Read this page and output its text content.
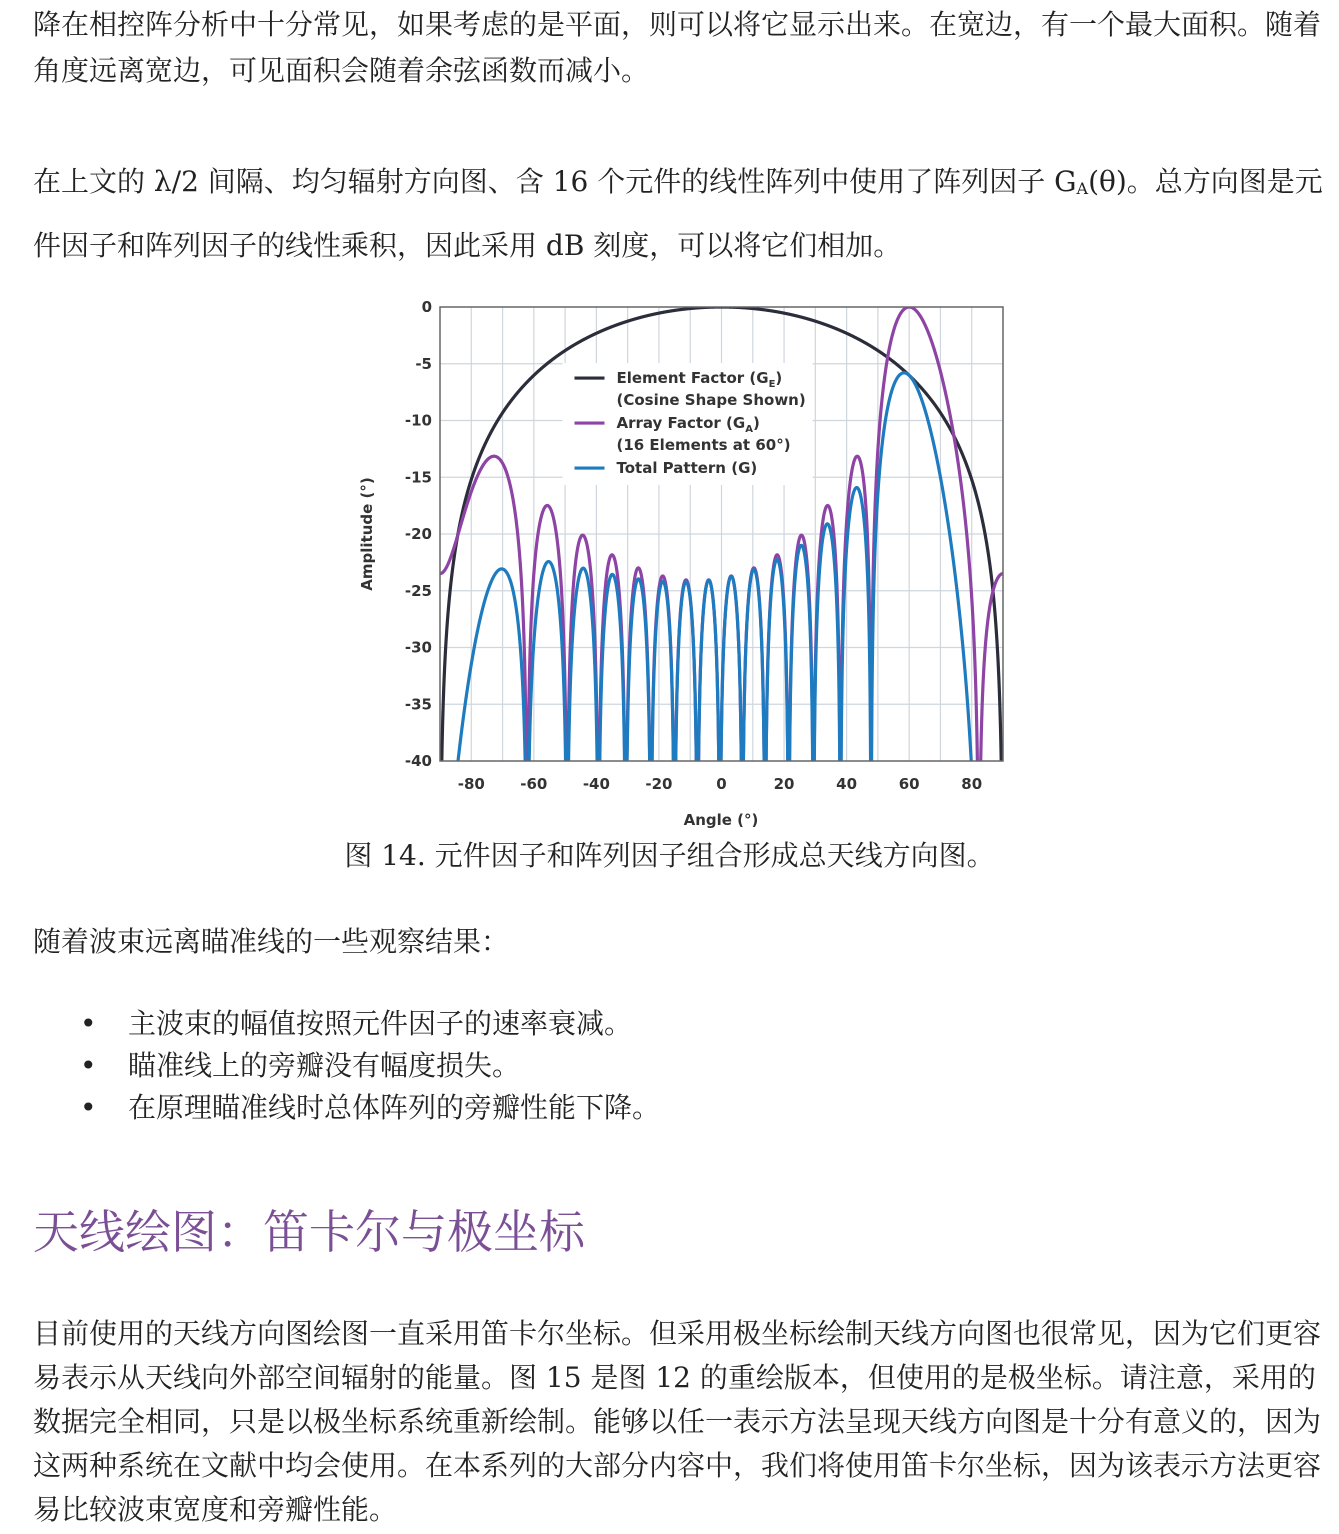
降在相控阵分析中十分常见，如果考虑的是平面，则可以将它显示出来。在宽边，有一个最大面积。随着角度远离宽边，可见面积会随着余弦函数而减小。

在上文的 λ/2 间隔、均匀辐射方向图、含 16 个元件的线性阵列中使用了阵列因子 $G_A(\theta)$。总方向图是元件因子和阵列因子的线性乘积，因此采用 dB 刻度，可以将它们相加。

0
-5
-10
-15
-20
-25
-30
-35
-40
-80 -60 -40 -20	0	20	40	60	80
Angle (°)
Amplitude (°)
Element Factor $(G_E)$
(Cosine Shape Shown)
Array Factor $(G_A)$
(16 Elements at 60°)
Total Pattern (G)
图 14. 元件因子和阵列因子组合形成总天线方向图。

随着波束远离瞄准线的一些观察结果：

• 主波束的幅值按照元件因子的速率衰减。
• 瞄准线上的旁瓣没有幅度损失。
• 在原理瞄准线时总体阵列的旁瓣性能下降。
天线绘图：笛卡尔与极坐标

目前使用的天线方向图绘图一直采用笛卡尔坐标。但采用极坐标绘制天线方向图也很常见，因为它们更容易表示从天线向外部空间辐射的能量。图 15 是图 12 的重绘版本，但使用的是极坐标。请注意，采用的数据完全相同，只是以极坐标系统重新绘制。能够以任一表示方法呈现天线方向图是十分有意义的，因为这两种系统在文献中均会使用。在本系列的大部分内容中，我们将使用笛卡尔坐标，因为该表示方法更容易比较波束宽度和旁瓣性能。
